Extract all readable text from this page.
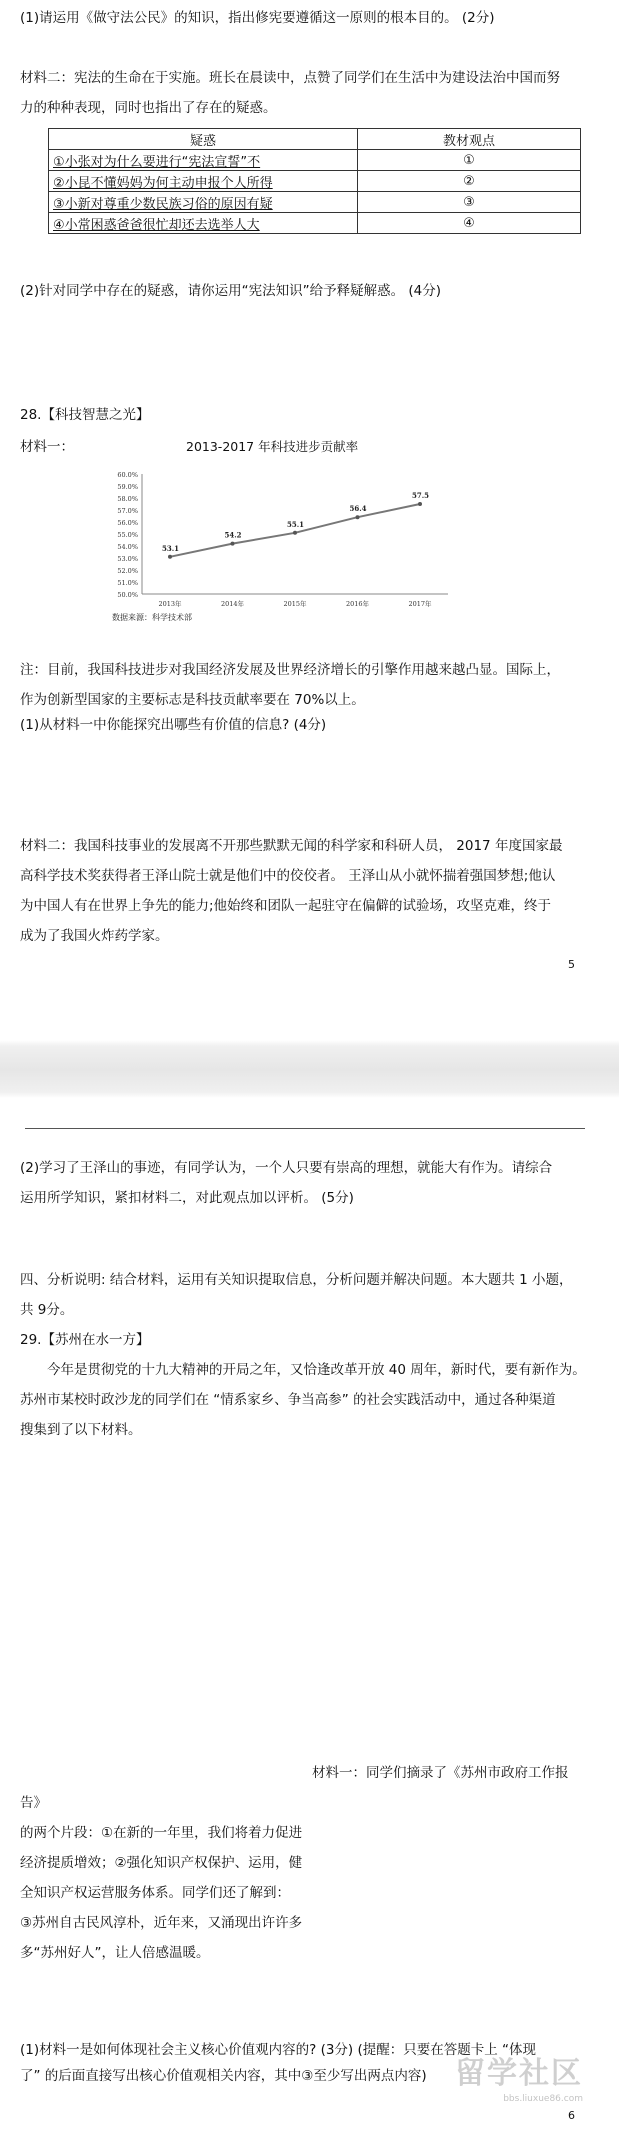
(1)请运用《做守法公民》的知识，指出修宪要遵循这一原则的根本目的。 (2分)
材料二：宪法的生命在于实施。班长在晨读中，点赞了同学们在生活中为建设法治中国而努
力的种种表现，同时也指出了存在的疑惑。
疑惑	教材观点
①小张对为什么要进行“宪法宣誓”不	①
②小昆不懂妈妈为何主动申报个人所得	②
③小新对尊重少数民族习俗的原因有疑	③
④小常困惑爸爸很忙却还去选举人大	④
(2)针对同学中存在的疑惑，请你运用“宪法知识”给予释疑解惑。 (4分)
28.【科技智慧之光】
材料一：	2013-2017 年科技进步贡献率
50.0%
51.0%
52.0%
53.0%
54.0%
55.0%
56.0%
57.0%
58.0%
59.0%
60.0%
2013年	2014年	2015年	2016年	2017年
53.1
54.2
55.1
56.4
57.5
数据来源：科学技术部
注：目前，我国科技进步对我国经济发展及世界经济增长的引擎作用越来越凸显。国际上，
作为创新型国家的主要标志是科技贡献率要在 70%以上。
(1)从材料一中你能探究出哪些有价值的信息? (4分)
材料二：我国科技事业的发展离不开那些默默无闻的科学家和科研人员， 2017 年度国家最
高科学技术奖获得者王泽山院士就是他们中的佼佼者。 王泽山从小就怀揣着强国梦想;他认
为中国人有在世界上争先的能力;他始终和团队一起驻守在偏僻的试验场，攻坚克难，终于
成为了我国火炸药学家。
5
(2)学习了王泽山的事迹，有同学认为，一个人只要有崇高的理想，就能大有作为。请综合
运用所学知识，紧扣材料二，对此观点加以评析。 (5分)
四、分析说明: 结合材料，运用有关知识提取信息，分析问题并解决问题。本大题共 1 小题，
共 9分。
29.【苏州在水一方】
今年是贯彻党的十九大精神的开局之年，又恰逢改革开放 40 周年，新时代，要有新作为。
苏州市某校时政沙龙的同学们在 “情系家乡、争当高参” 的社会实践活动中，通过各种渠道
搜集到了以下材料。
材料一：同学们摘录了《苏州市政府工作报
告》
的两个片段：①在新的一年里，我们将着力促进
经济提质增效；②强化知识产权保护、运用，健
全知识产权运营服务体系。同学们还了解到：
③苏州自古民风淳朴，近年来，又涌现出许许多
多“苏州好人”，让人倍感温暖。
(1)材料一是如何体现社会主义核心价值观内容的? (3分) (提醒：只要在答题卡上 “体现
了” 的后面直接写出核心价值观相关内容，其中③至少写出两点内容) 留学社区
bbs.liuxue86.com
6
